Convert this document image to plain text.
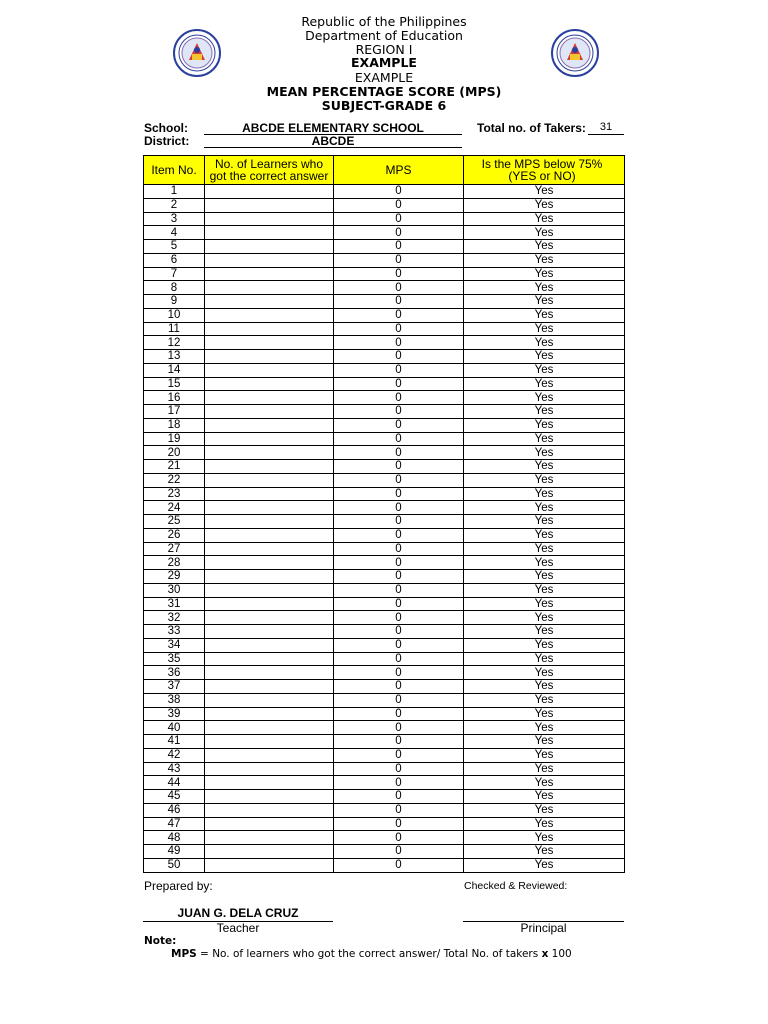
Republic of the Philippines
Department of Education
REGION I
EXAMPLE
EXAMPLE
MEAN PERCENTAGE SCORE (MPS)
SUBJECT-GRADE 6
School:	ABCDE ELEMENTARY SCHOOL
District:	ABCDE
Total no. of Takers:	31
Item No.	No. of Learners who got the correct answer	MPS	Is the MPS below 75% (YES or NO)
1		0	Yes
2		0	Yes
3		0	Yes
4		0	Yes
5		0	Yes
6		0	Yes
7		0	Yes
8		0	Yes
9		0	Yes
10		0	Yes
11		0	Yes
12		0	Yes
13		0	Yes
14		0	Yes
15		0	Yes
16		0	Yes
17		0	Yes
18		0	Yes
19		0	Yes
20		0	Yes
21		0	Yes
22		0	Yes
23		0	Yes
24		0	Yes
25		0	Yes
26		0	Yes
27		0	Yes
28		0	Yes
29		0	Yes
30		0	Yes
31		0	Yes
32		0	Yes
33		0	Yes
34		0	Yes
35		0	Yes
36		0	Yes
37		0	Yes
38		0	Yes
39		0	Yes
40		0	Yes
41		0	Yes
42		0	Yes
43		0	Yes
44		0	Yes
45		0	Yes
46		0	Yes
47		0	Yes
48		0	Yes
49		0	Yes
50		0	Yes
Prepared by:	Checked & Reviewed:
JUAN G. DELA CRUZ
Teacher	Principal
Note:
MPS = No. of learners who got the correct answer/ Total No. of takers x 100
